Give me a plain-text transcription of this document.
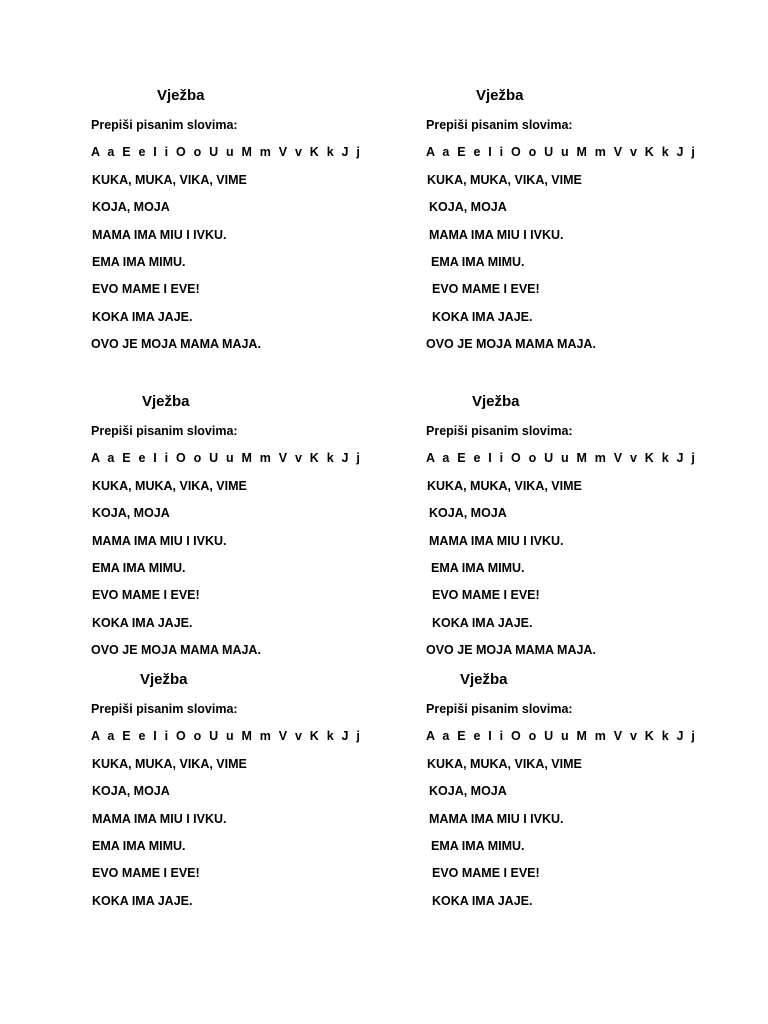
Vježba
Prepiši pisanim slovima:
A a E e I i O o U u M m V v K k J j
KUKA, MUKA, VIKA, VIME
KOJA, MOJA
MAMA IMA MIU I IVKU.
EMA IMA MIMU.
EVO MAME I EVE!
KOKA IMA JAJE.
OVO JE MOJA MAMA MAJA.
Vježba
Prepiši pisanim slovima:
A a E e I i O o U u M m V v K k J j
KUKA, MUKA, VIKA, VIME
KOJA, MOJA
MAMA IMA MIU I IVKU.
EMA IMA MIMU.
EVO MAME I EVE!
KOKA IMA JAJE.
OVO JE MOJA MAMA MAJA.
Vježba
Prepiši pisanim slovima:
A a E e I i O o U u M m V v K k J j
KUKA, MUKA, VIKA, VIME
KOJA, MOJA
MAMA IMA MIU I IVKU.
EMA IMA MIMU.
EVO MAME I EVE!
KOKA IMA JAJE.
OVO JE MOJA MAMA MAJA.
Vježba
Prepiši pisanim slovima:
A a E e I i O o U u M m V v K k J j
KUKA, MUKA, VIKA, VIME
KOJA, MOJA
MAMA IMA MIU I IVKU.
EMA IMA MIMU.
EVO MAME I EVE!
KOKA IMA JAJE.
OVO JE MOJA MAMA MAJA.
Vježba
Prepiši pisanim slovima:
A a E e I i O o U u M m V v K k J j
KUKA, MUKA, VIKA, VIME
KOJA, MOJA
MAMA IMA MIU I IVKU.
EMA IMA MIMU.
EVO MAME I EVE!
KOKA IMA JAJE.
Vježba
Prepiši pisanim slovima:
A a E e I i O o U u M m V v K k J j
KUKA, MUKA, VIKA, VIME
KOJA, MOJA
MAMA IMA MIU I IVKU.
EMA IMA MIMU.
EVO MAME I EVE!
KOKA IMA JAJE.
